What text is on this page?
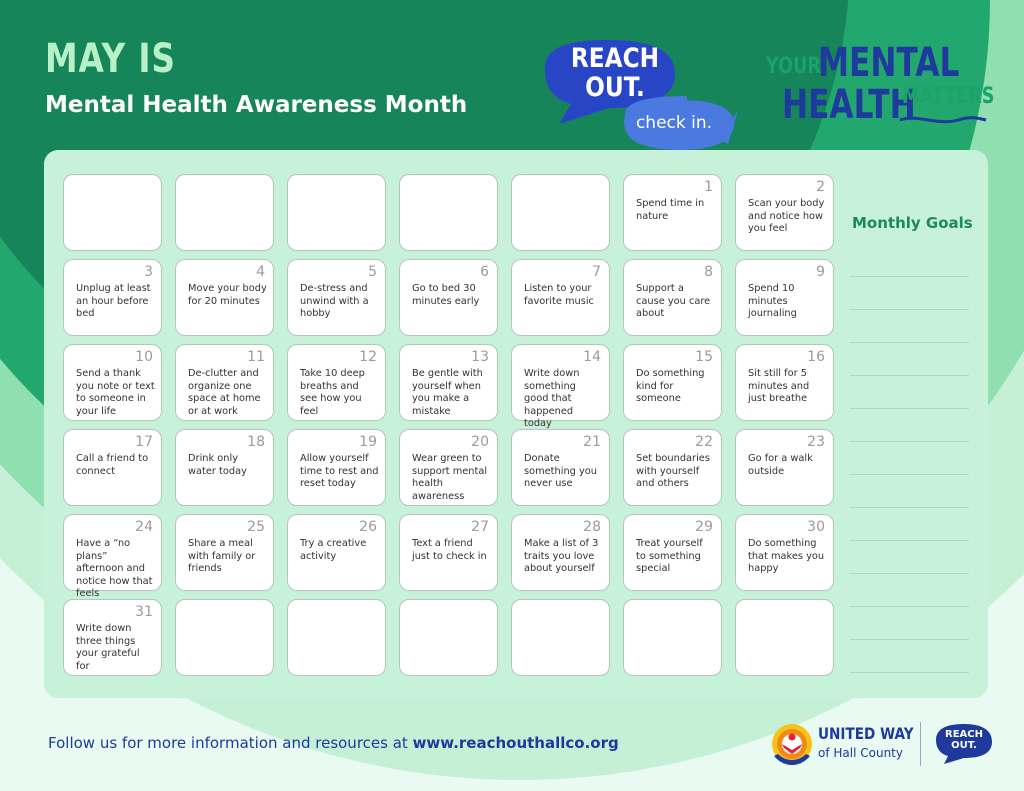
MAY IS
Mental Health Awareness Month
REACH OUT.
check in.
YOUR
MENTAL
HEALTH
MATTERS
1
Spend time in nature
2
Scan your body and notice how you feel
3
Unplug at least an hour before bed
4
Move your body for 20 minutes
5
De-stress and unwind with a hobby
6
Go to bed 30 minutes early
7
Listen to your favorite music
8
Support a cause you care about
9
Spend 10 minutes journaling
10
Send a thank you note or text to someone in your life
11
De-clutter and organize one space at home or at work
12
Take 10 deep breaths and see how you feel
13
Be gentle with yourself when you make a mistake
14
Write down something good that happened today
15
Do something kind for someone
16
Sit still for 5 minutes and just breathe
17
Call a friend to connect
18
Drink only water today
19
Allow yourself time to rest and reset today
20
Wear green to support mental health awareness
21
Donate something you never use
22
Set boundaries with yourself and others
23
Go for a walk outside
24
Have a “no plans” afternoon and notice how that feels
25
Share a meal with family or friends
26
Try a creative activity
27
Text a friend just to check in
28
Make a list of 3 traits you love about yourself
29
Treat yourself to something special
30
Do something that makes you happy
31
Write down three things your grateful for
Monthly Goals
Follow us for more information and resources at www.reachouthallco.org	UNITED WAY
of Hall County
REACH OUT.
